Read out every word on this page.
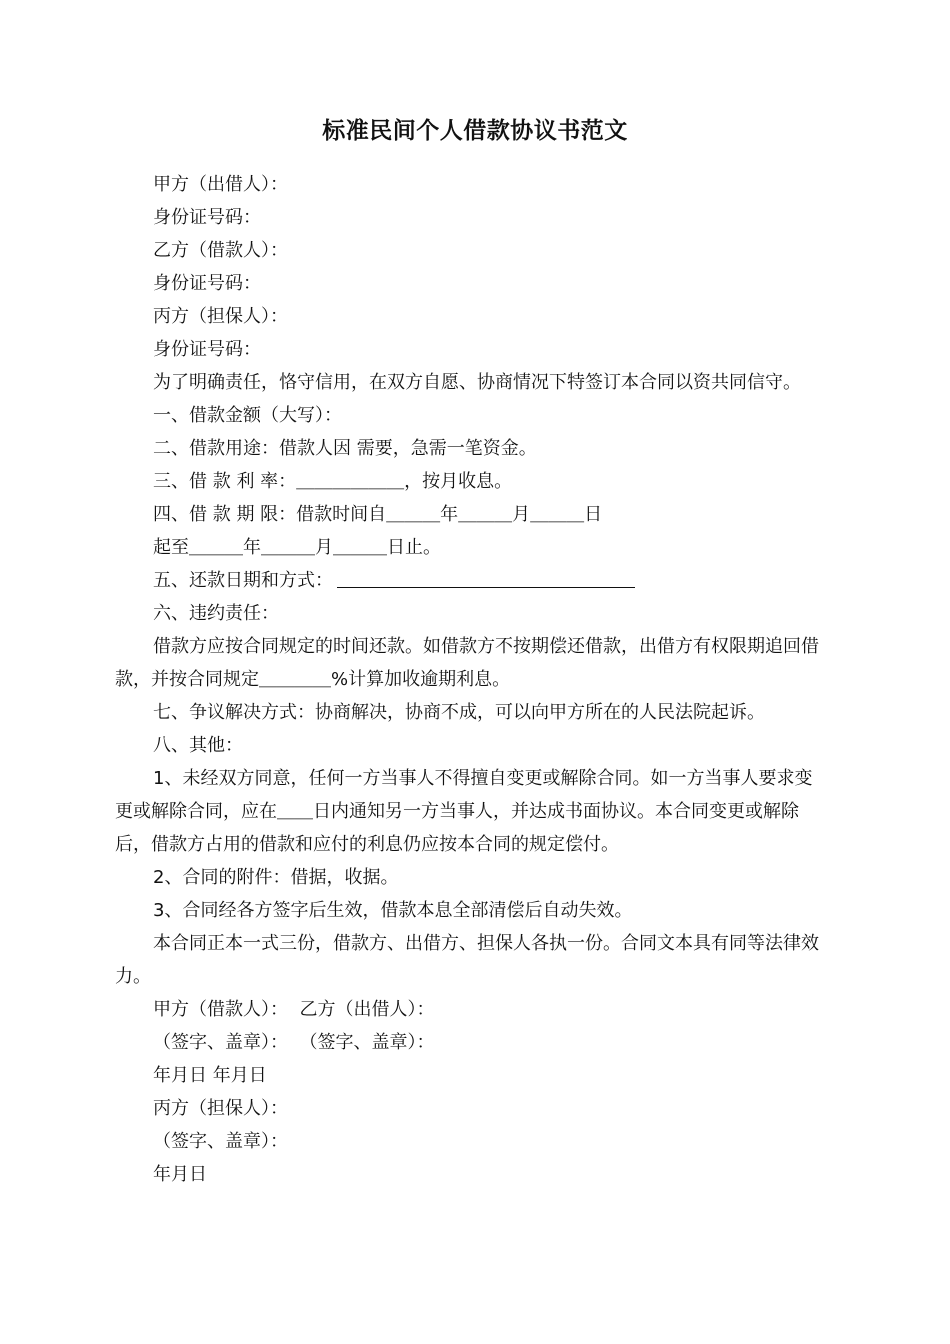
标准民间个人借款协议书范文

甲方（出借人）：

身份证号码：

乙方（借款人）：

身份证号码：

丙方（担保人）：

身份证号码：

为了明确责任，恪守信用，在双方自愿、协商情况下特签订本合同以资共同信守。

一、借款金额（大写）：

二、借款用途：借款人因 需要，急需一笔资金。

三、借 款 利 率：＿＿＿＿＿＿，按月收息。

四、借 款 期 限：借款时间自＿＿＿年＿＿＿月＿＿＿日

起至＿＿＿年＿＿＿月＿＿＿日止。

五、还款日期和方式：

六、违约责任：

借款方应按合同规定的时间还款。如借款方不按期偿还借款，出借方有权限期追回借款，并按合同规定＿＿＿＿%计算加收逾期利息。

七、争议解决方式：协商解决，协商不成，可以向甲方所在的人民法院起诉。

八、其他：

1、未经双方同意，任何一方当事人不得擅自变更或解除合同。如一方当事人要求变更或解除合同，应在＿＿日内通知另一方当事人，并达成书面协议。本合同变更或解除后，借款方占用的借款和应付的利息仍应按本合同的规定偿付。

2、合同的附件：借据，收据。

3、合同经各方签字后生效，借款本息全部清偿后自动失效。

本合同正本一式三份，借款方、出借方、担保人各执一份。合同文本具有同等法律效力。

甲方（借款人）：  乙方（出借人）：

（签字、盖章）：  （签字、盖章）：

年月日 年月日

丙方（担保人）：

（签字、盖章）：

年月日
